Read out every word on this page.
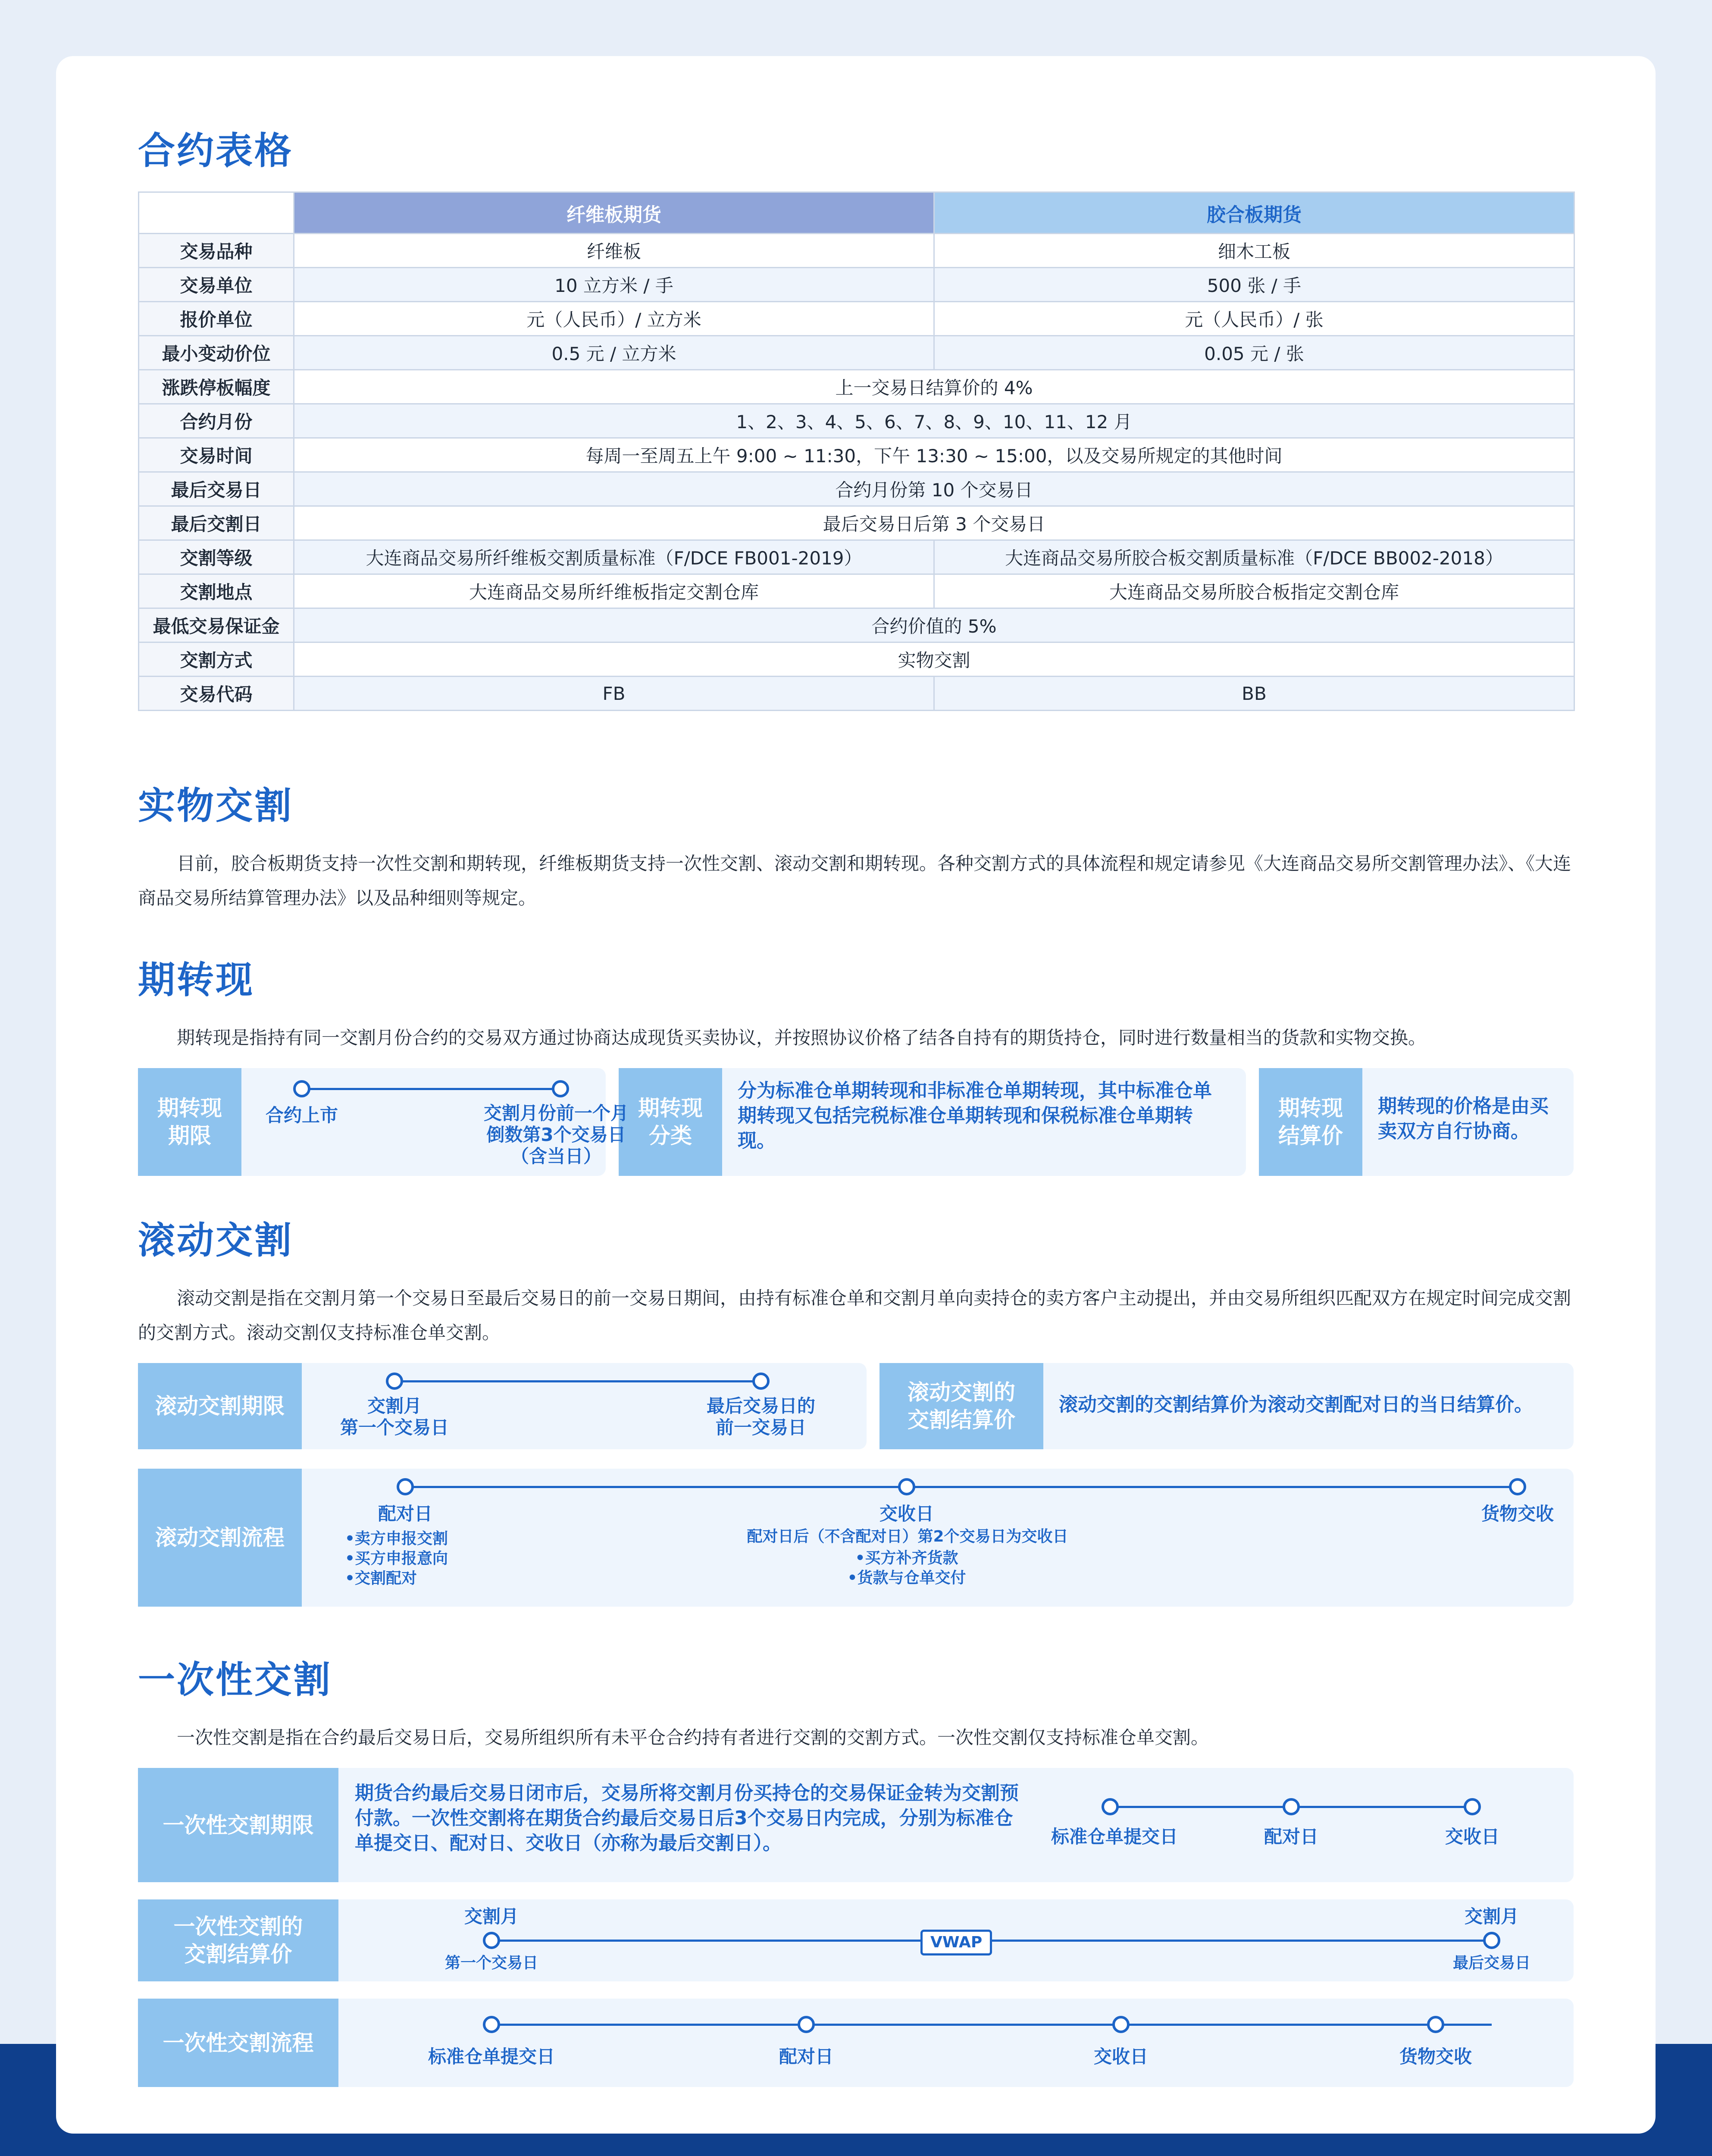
合约表格
	纤维板期货	胶合板期货
交易品种	纤维板	细木工板
交易单位	10 立方米 / 手	500 张 / 手
报价单位	元（人民币）/ 立方米	元（人民币）/ 张
最小变动价位	0.5 元 / 立方米	0.05 元 / 张
涨跌停板幅度	上一交易日结算价的 4%	
合约月份	1、2、3、4、5、6、7、8、9、10、11、12 月	
交易时间	每周一至周五上午 9:00 ~ 11:30，下午 13:30 ~ 15:00，以及交易所规定的其他时间	
最后交易日	合约月份第 10 个交易日	
最后交割日	最后交易日后第 3 个交易日	
交割等级	大连商品交易所纤维板交割质量标准（F/DCE FB001-2019）	大连商品交易所胶合板交割质量标准（F/DCE BB002-2018）
交割地点	大连商品交易所纤维板指定交割仓库	大连商品交易所胶合板指定交割仓库
最低交易保证金	合约价值的 5%	
交割方式	实物交割	
交易代码	FB	BB
实物交割
目前，胶合板期货支持一次性交割和期转现，纤维板期货支持一次性交割、滚动交割和期转现。各种交割方式的具体流程和规定请参见《大连商品交易所交割管理办法》、《大连商品交易所结算管理办法》以及品种细则等规定。
期转现
期转现是指持有同一交割月份合约的交易双方通过协商达成现货买卖协议，并按照协议价格了结各自持有的期货持仓，同时进行数量相当的货款和实物交换。
期转现
期限
合约上市	交割月份前一个月
倒数第3个交易日
（含当日）
期转现
分类
分为标准仓单期转现和非标准仓单期转现，其中标准仓单期转现又包括完税标准仓单期转现和保税标准仓单期转现。
期转现
结算价
期转现的价格是由买卖双方自行协商。
滚动交割
滚动交割是指在交割月第一个交易日至最后交易日的前一交易日期间，由持有标准仓单和交割月单向卖持仓的卖方客户主动提出，并由交易所组织匹配双方在规定时间完成交割的交割方式。滚动交割仅支持标准仓单交割。
滚动交割期限	交割月
第一个交易日
最后交易日的
前一交易日
滚动交割的
交割结算价
滚动交割的交割结算价为滚动交割配对日的当日结算价。
滚动交割流程
配对日
•卖方申报交割
•买方申报意向
•交割配对
交收日
配对日后（不含配对日）第2个交易日为交收日
•买方补齐货款
•货款与仓单交付
货物交收
一次性交割
一次性交割是指在合约最后交易日后，交易所组织所有未平仓合约持有者进行交割的交割方式。一次性交割仅支持标准仓单交割。
一次性交割期限
期货合约最后交易日闭市后，交易所将交割月份买持仓的交易保证金转为交割预付款。一次性交割将在期货合约最后交易日后3个交易日内完成，分别为标准仓单提交日、配对日、交收日（亦称为最后交割日）。	标准仓单提交日	配对日	交收日
一次性交割的
交割结算价
交割月
第一个交易日
VWAP
交割月
最后交易日
一次性交割流程
标准仓单提交日	配对日	交收日	货物交收
